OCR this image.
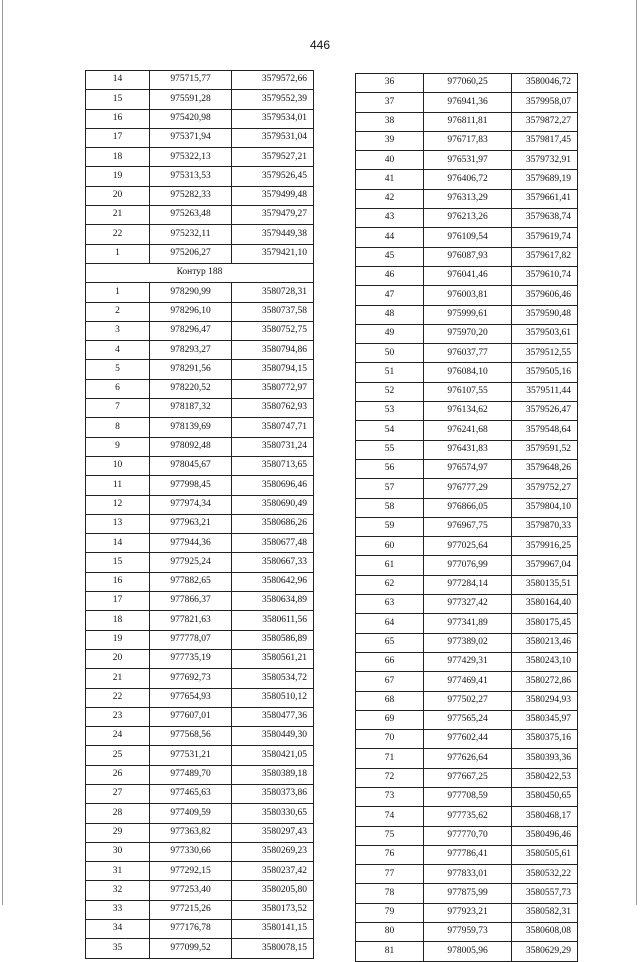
446
14	975715,77	3579572,66
15	975591,28	3579552,39
16	975420,98	3579534,01
17	975371,94	3579531,04
18	975322,13	3579527,21
19	975313,53	3579526,45
20	975282,33	3579499,48
21	975263,48	3579479,27
22	975232,11	3579449,38
1	975206,27	3579421,10
Контур 188		
1	978290,99	3580728,31
2	978296,10	3580737,58
3	978296,47	3580752,75
4	978293,27	3580794,86
5	978291,56	3580794,15
6	978220,52	3580772,97
7	978187,32	3580762,93
8	978139,69	3580747,71
9	978092,48	3580731,24
10	978045,67	3580713,65
11	977998,45	3580696,46
12	977974,34	3580690,49
13	977963,21	3580686,26
14	977944,36	3580677,48
15	977925,24	3580667,33
16	977882,65	3580642,96
17	977866,37	3580634,89
18	977821,63	3580611,56
19	977778,07	3580586,89
20	977735,19	3580561,21
21	977692,73	3580534,72
22	977654,93	3580510,12
23	977607,01	3580477,36
24	977568,56	3580449,30
25	977531,21	3580421,05
26	977489,70	3580389,18
27	977465,63	3580373,86
28	977409,59	3580330,65
29	977363,82	3580297,43
30	977330,66	3580269,23
31	977292,15	3580237,42
32	977253,40	3580205,80
33	977215,26	3580173,52
34	977176,78	3580141,15
35	977099,52	3580078,15
36	977060,25	3580046,72
37	976941,36	3579958,07
38	976811,81	3579872,27
39	976717,83	3579817,45
40	976531,97	3579732,91
41	976406,72	3579689,19
42	976313,29	3579661,41
43	976213,26	3579638,74
44	976109,54	3579619,74
45	976087,93	3579617,82
46	976041,46	3579610,74
47	976003,81	3579606,46
48	975999,61	3579590,48
49	975970,20	3579503,61
50	976037,77	3579512,55
51	976084,10	3579505,16
52	976107,55	3579511,44
53	976134,62	3579526,47
54	976241,68	3579548,64
55	976431,83	3579591,52
56	976574,97	3579648,26
57	976777,29	3579752,27
58	976866,05	3579804,10
59	976967,75	3579870,33
60	977025,64	3579916,25
61	977076,99	3579967,04
62	977284,14	3580135,51
63	977327,42	3580164,40
64	977341,89	3580175,45
65	977389,02	3580213,46
66	977429,31	3580243,10
67	977469,41	3580272,86
68	977502,27	3580294,93
69	977565,24	3580345,97
70	977602,44	3580375,16
71	977626,64	3580393,36
72	977667,25	3580422,53
73	977708,59	3580450,65
74	977735,62	3580468,17
75	977770,70	3580496,46
76	977786,41	3580505,61
77	977833,01	3580532,22
78	977875,99	3580557,73
79	977923,21	3580582,31
80	977959,73	3580608,08
81	978005,96	3580629,29
